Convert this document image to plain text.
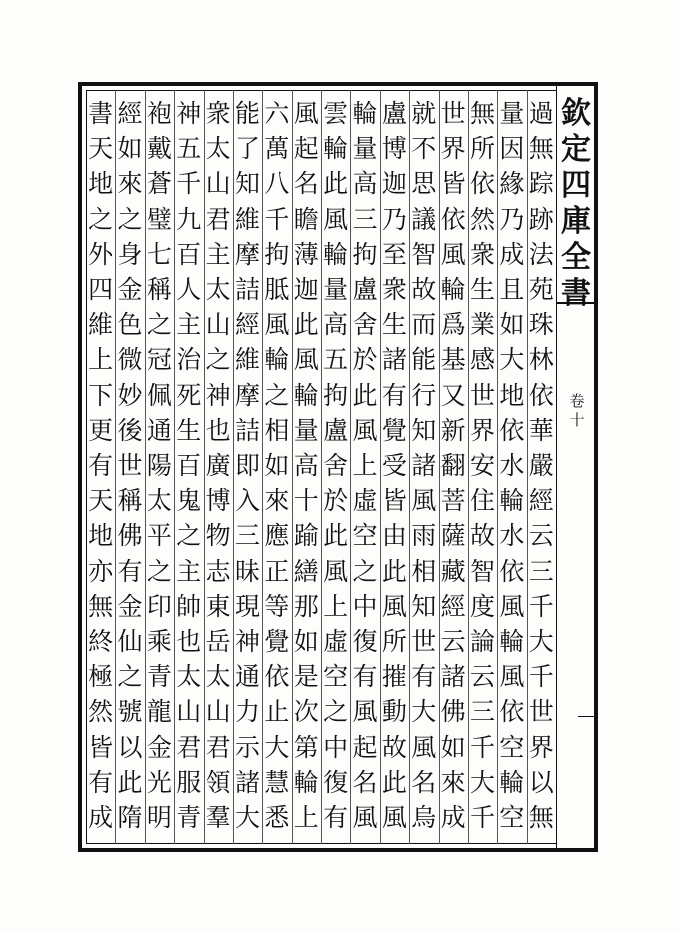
欽
定
四
庫
全
書
卷
十
過
無
踪
跡
法
苑
珠
林
依
華
嚴
經
云
三
千
大
千
世
界
以
無
量
因
緣
乃
成
且
如
大
地
依
水
輪
水
依
風
輪
風
依
空
輪
空
無
所
依
然
衆
生
業
感
世
界
安
住
故
智
度
論
云
三
千
大
千
世
界
皆
依
風
輪
爲
基
又
新
翻
菩
薩
藏
經
云
諸
佛
如
來
成
就
不
思
議
智
故
而
能
行
知
諸
風
雨
相
知
世
有
大
風
名
烏
盧
博
迦
乃
至
衆
生
諸
有
覺
受
皆
由
此
風
所
摧
動
故
此
風
輪
量
高
三
拘
盧
舍
於
此
風
上
虛
空
之
中
復
有
風
起
名
風
雲
輪
此
風
輪
量
高
五
拘
盧
舍
於
此
風
上
虛
空
之
中
復
有
風
起
名
瞻
薄
迦
此
風
輪
量
高
十
踰
繕
那
如
是
次
第
輪
上
六
萬
八
千
拘
胝
風
輪
之
相
如
來
應
正
等
覺
依
止
大
慧
悉
能
了
知
維
摩
詰
經
維
摩
詰
即
入
三
昧
現
神
通
力
示
諸
大
衆
太
山
君
主
太
山
之
神
也
廣
博
物
志
東
岳
太
山
君
領
羣
神
五
千
九
百
人
主
治
死
生
百
鬼
之
主
帥
也
太
山
君
服
青
袍
戴
蒼
璧
七
稱
之
冠
佩
通
陽
太
平
之
印
乘
青
龍
金
光
明
經
如
來
之
身
金
色
微
妙
後
世
稱
佛
有
金
仙
之
號
以
此
隋
書
天
地
之
外
四
維
上
下
更
有
天
地
亦
無
終
極
然
皆
有
成
